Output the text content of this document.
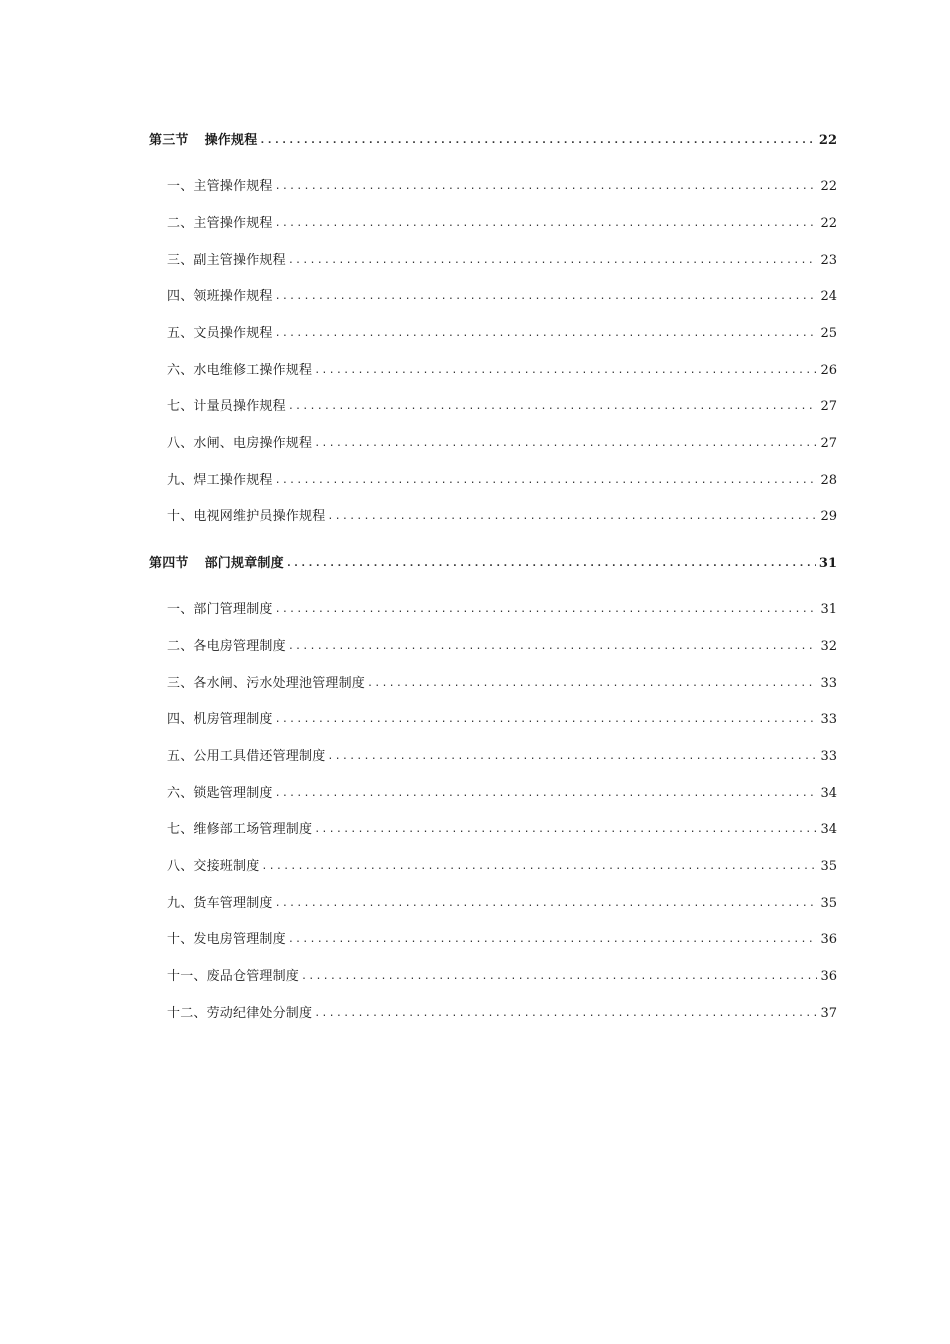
第三节 操作规程 .....	22
一、主管操作规程 .....	22
二、主管操作规程 .....	22
三、副主管操作规程 .....	23
四、领班操作规程 .....	24
五、文员操作规程 .....	25
六、水电维修工操作规程 .....	26
七、计量员操作规程 .....	27
八、水闸、电房操作规程 .....	27
九、焊工操作规程 .....	28
十、电视网维护员操作规程 .....	29
第四节 部门规章制度 .....	31
一、部门管理制度 .....	31
二、各电房管理制度 .....	32
三、各水闸、污水处理池管理制度 .....	33
四、机房管理制度 .....	33
五、公用工具借还管理制度 .....	33
六、锁匙管理制度 .....	34
七、维修部工场管理制度 .....	34
八、交接班制度 .....	35
九、货车管理制度 .....	35
十、发电房管理制度 .....	36
十一、废品仓管理制度 .....	36
十二、劳动纪律处分制度 .....	37
